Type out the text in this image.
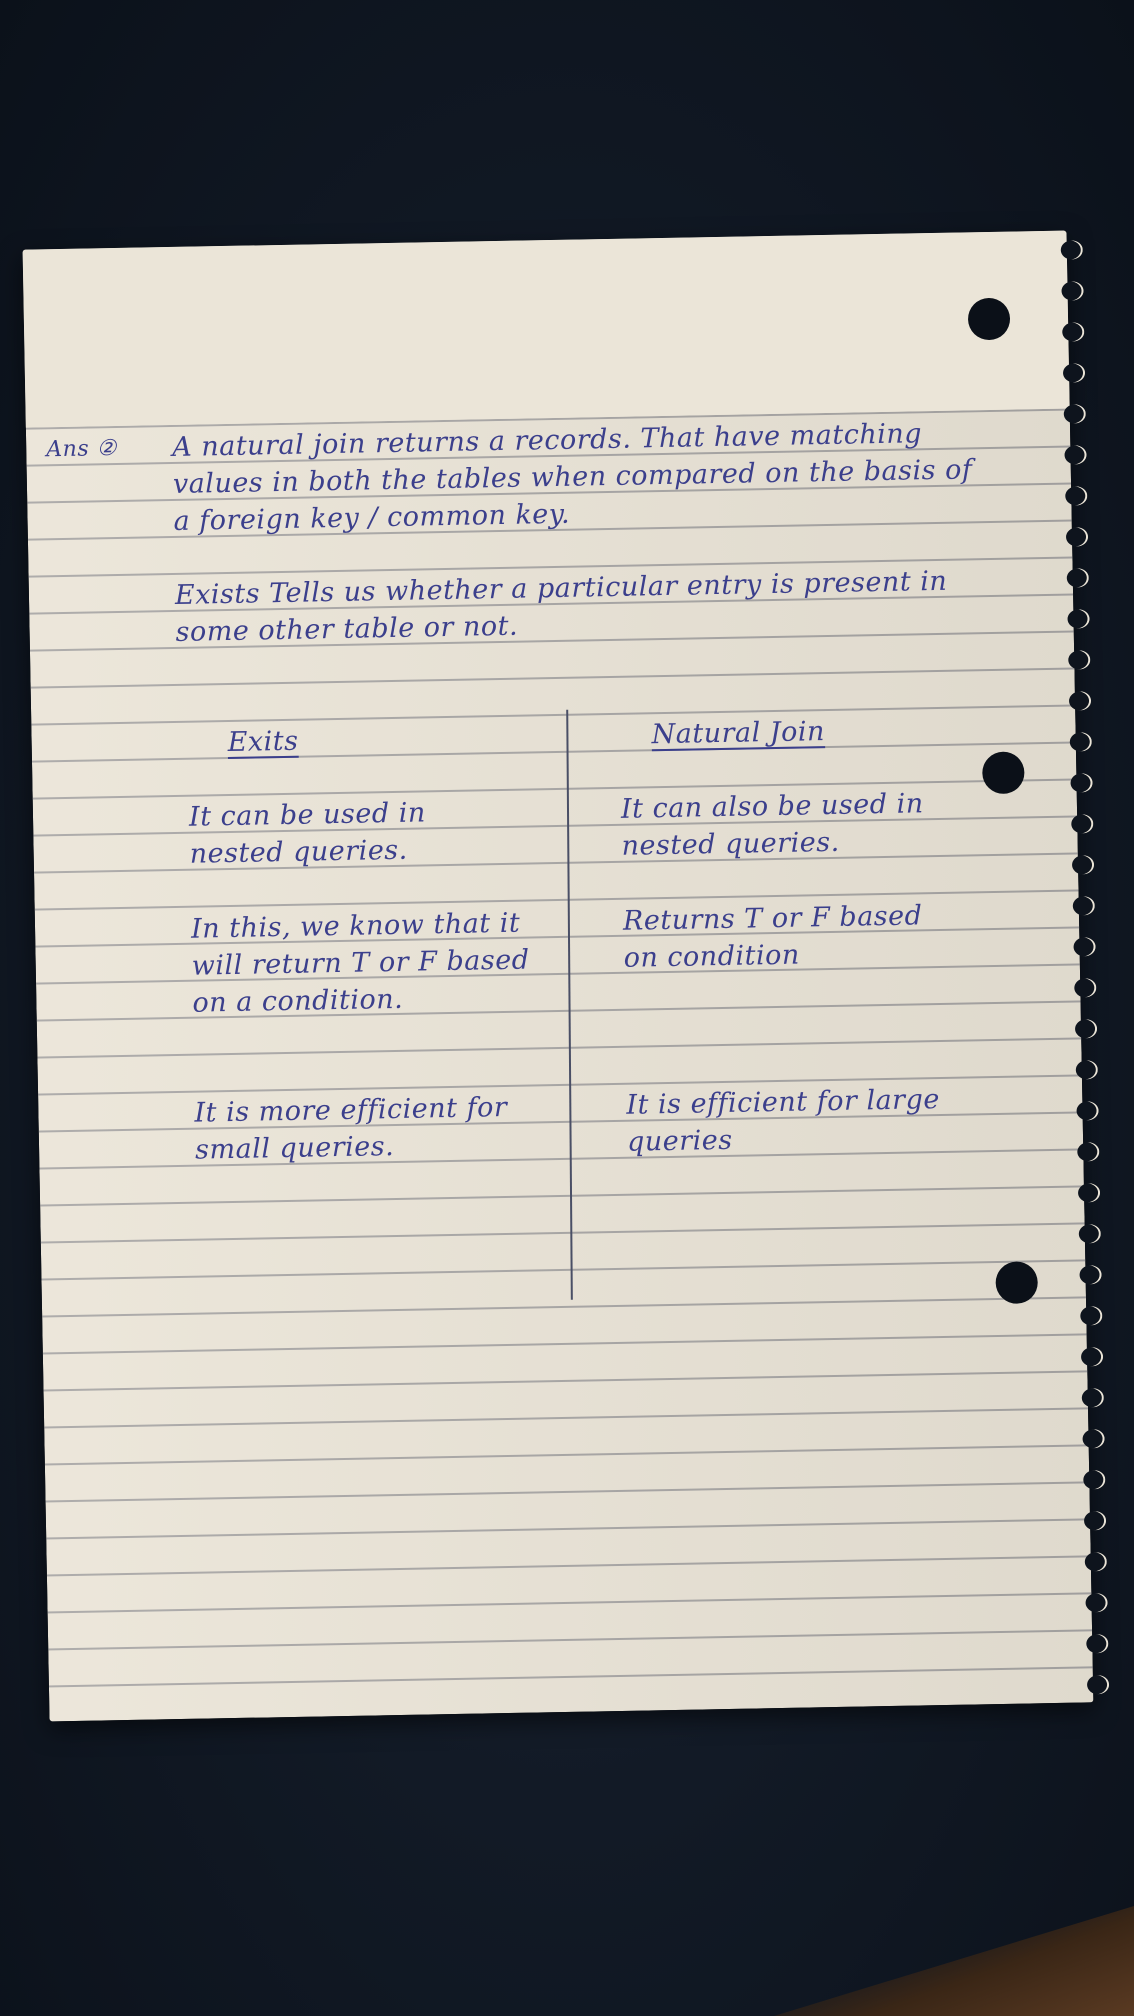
Ans ② A natural join returns a records. That have matching values in both the tables when compared on the basis of a foreign key / common key.

Exists Tells us whether a particular entry is present in some other table or not.

Exits	Natural Join

It can be used in nested queries.

It can also be used in nested queries.

In this, we know that it will return T or F based on a condition.

Returns T or F based on condition

It is more efficient for small queries.

It is efficient for large queries
